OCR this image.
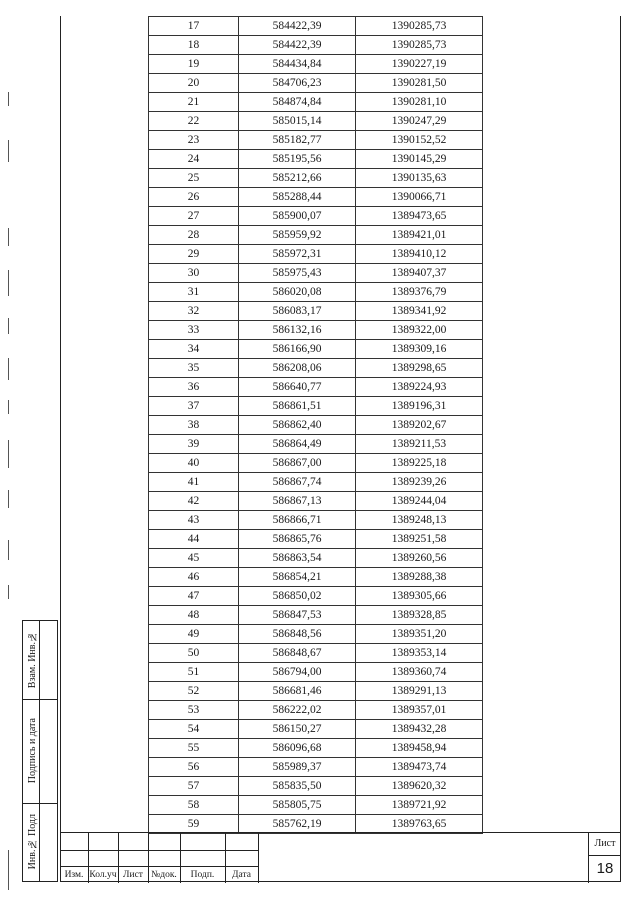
17	584422,39	1390285,73
18	584422,39	1390285,73
19	584434,84	1390227,19
20	584706,23	1390281,50
21	584874,84	1390281,10
22	585015,14	1390247,29
23	585182,77	1390152,52
24	585195,56	1390145,29
25	585212,66	1390135,63
26	585288,44	1390066,71
27	585900,07	1389473,65
28	585959,92	1389421,01
29	585972,31	1389410,12
30	585975,43	1389407,37
31	586020,08	1389376,79
32	586083,17	1389341,92
33	586132,16	1389322,00
34	586166,90	1389309,16
35	586208,06	1389298,65
36	586640,77	1389224,93
37	586861,51	1389196,31
38	586862,40	1389202,67
39	586864,49	1389211,53
40	586867,00	1389225,18
41	586867,74	1389239,26
42	586867,13	1389244,04
43	586866,71	1389248,13
44	586865,76	1389251,58
45	586863,54	1389260,56
46	586854,21	1389288,38
47	586850,02	1389305,66
48	586847,53	1389328,85
49	586848,56	1389351,20
50	586848,67	1389353,14
51	586794,00	1389360,74
52	586681,46	1389291,13
53	586222,02	1389357,01
54	586150,27	1389432,28
55	586096,68	1389458,94
56	585989,37	1389473,74
57	585835,50	1389620,32
58	585805,75	1389721,92
59	585762,19	1389763,65
Взам. Инв.№
Подпись и дата
Инв.№ Подл
Изм. Кол.уч Лист №док.	Подп.	Дата
Лист
18
